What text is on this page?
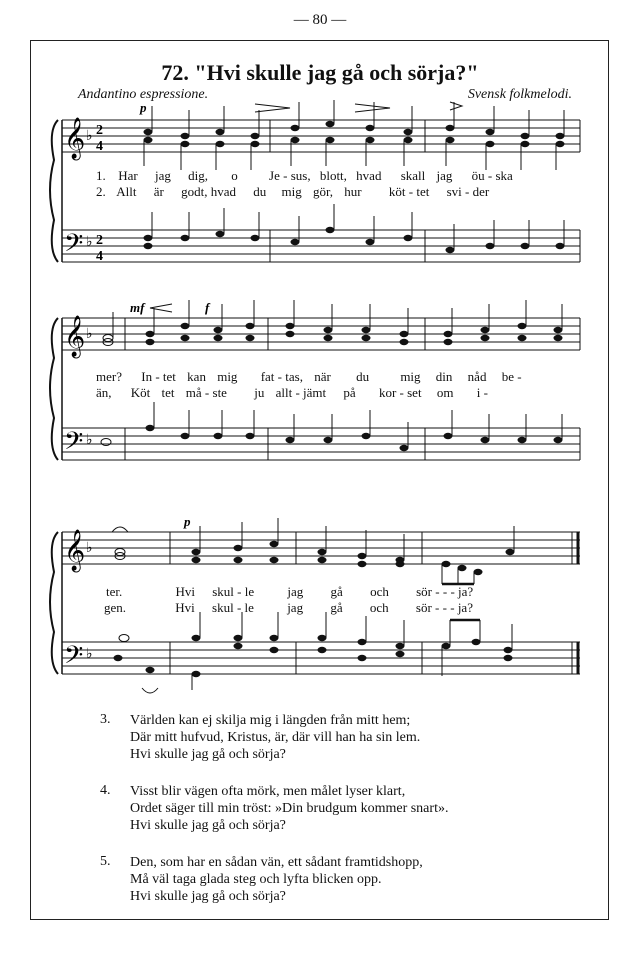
— 80 —
72. "Hvi skulle jag gå och sörja?"
Andantino espressione.	Svensk folkmelodi.
𝄞
𝄢
2
4
2
4
♭
♭
p
1. Har jag dig, o Je - sus, blott, hvad skall jag öu - ska
2. Allt är godt, hvad du mig gör, hur köt - tet svi - der
𝄞
𝄢
♭
♭
mf	f
mer? In - tet kan mig fat - tas, när du mig din nåd be -
än, Köt tet må - ste ju allt - jämt på kor - set om i -
𝄞
𝄢
♭
♭
p
ter.	Hvi skul - le	jag gå och sör - - - ja?
gen.	Hvi skul - le	jag gå och sör - - - ja?
3.	Världen kan ej skilja mig i längden från mitt hem;
Där mitt hufvud, Kristus, är, där vill han ha sin lem.
Hvi skulle jag gå och sörja?
4.	Visst blir vägen ofta mörk, men målet lyser klart,
Ordet säger till min tröst: »Din brudgum kommer snart».
Hvi skulle jag gå och sörja?
5.	Den, som har en sådan vän, ett sådant framtidshopp,
Må väl taga glada steg och lyfta blicken opp.
Hvi skulle jag gå och sörja?
